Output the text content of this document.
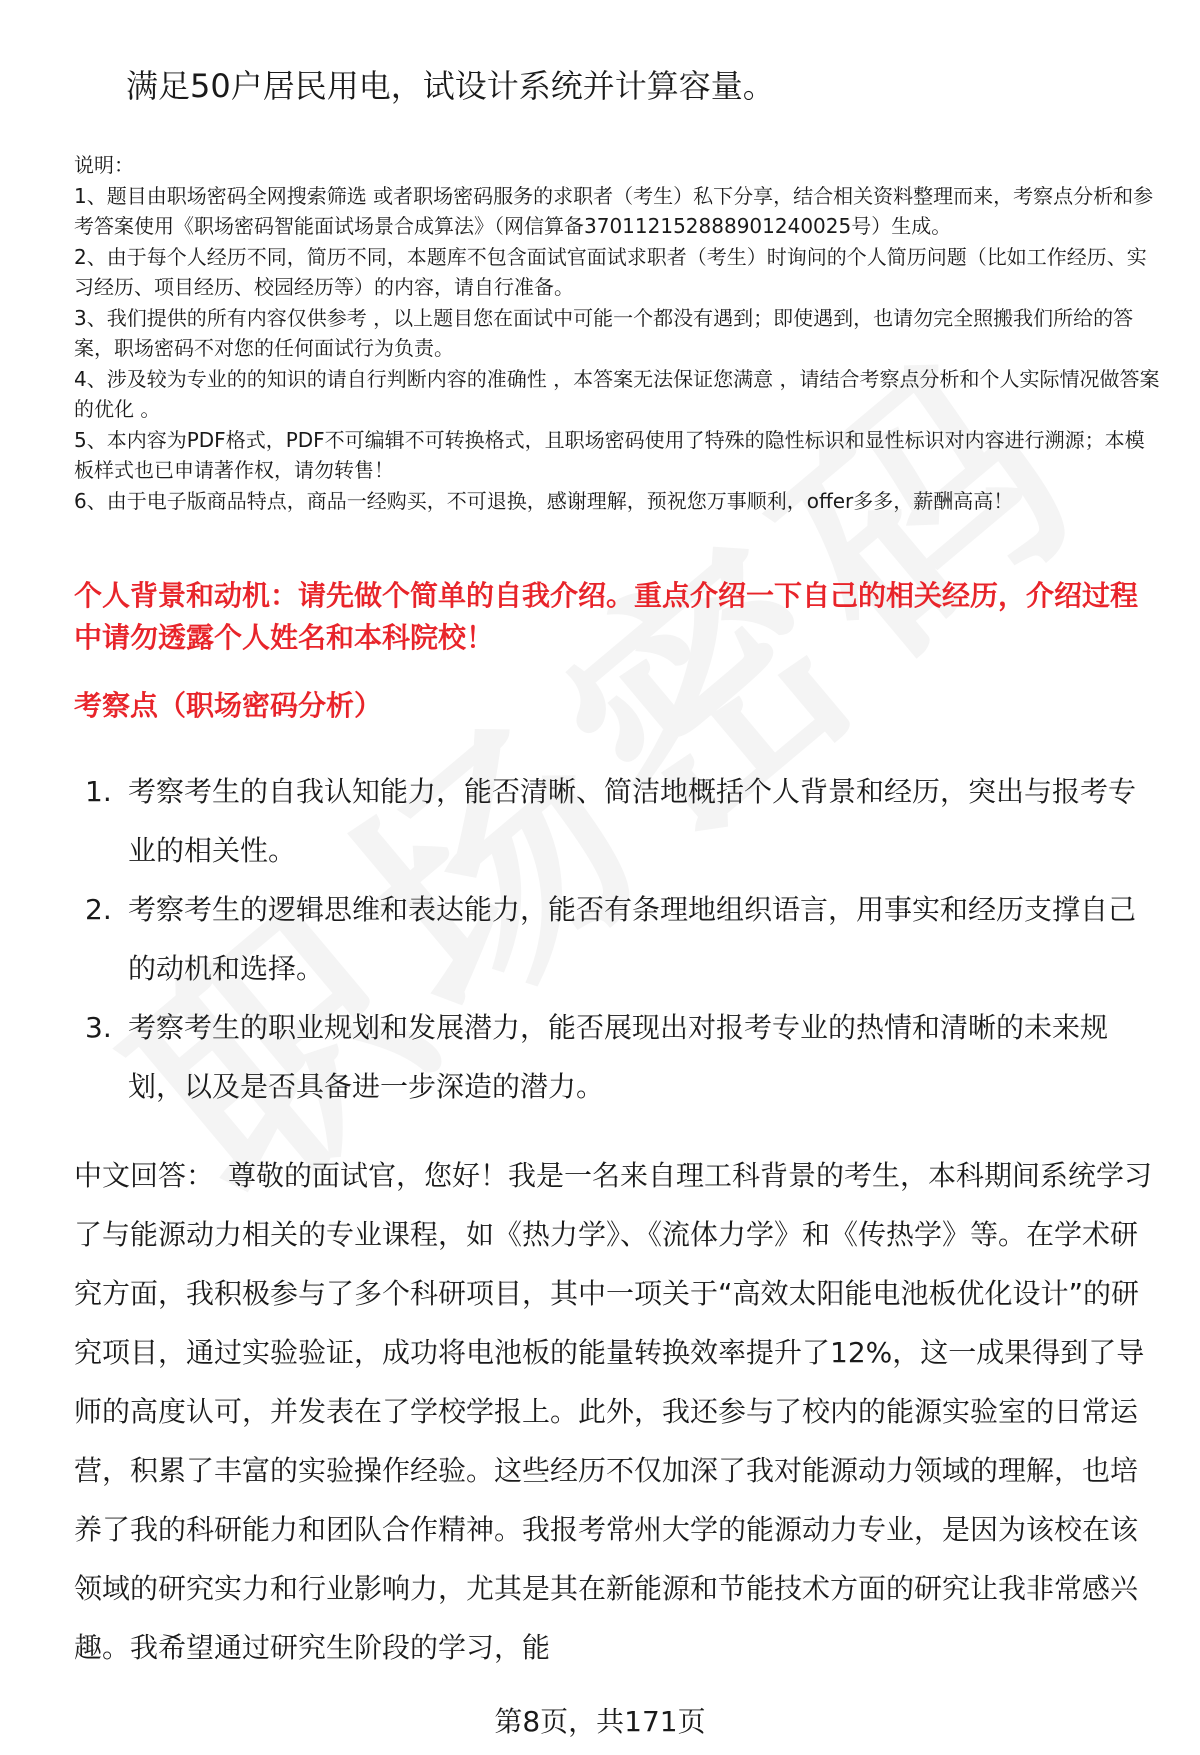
满足50户居民用电，试设计系统并计算容量。

说明：

1、题目由职场密码全网搜索筛选 或者职场密码服务的求职者（考生）私下分享，结合相关资料整理而来，考察点分析和参考答案使用《职场密码智能面试场景合成算法》（网信算备370112152888901240025号）生成。

2、由于每个人经历不同，简历不同，本题库不包含面试官面试求职者（考生）时询问的个人简历问题（比如工作经历、实习经历、项目经历、校园经历等）的内容，请自行准备。

3、我们提供的所有内容仅供参考 ，以上题目您在面试中可能一个都没有遇到；即使遇到，也请勿完全照搬我们所给的答案，职场密码不对您的任何面试行为负责。

4、涉及较为专业的的知识的请自行判断内容的准确性 ，本答案无法保证您满意 ，请结合考察点分析和个人实际情况做答案的优化 。

5、本内容为PDF格式，PDF不可编辑不可转换格式，且职场密码使用了特殊的隐性标识和显性标识对内容进行溯源；本模板样式也已申请著作权，请勿转售！

6、由于电子版商品特点，商品一经购买，不可退换，感谢理解，预祝您万事顺利，offer多多，薪酬高高！

个人背景和动机：请先做个简单的自我介绍。重点介绍一下自己的相关经历，介绍过程中请勿透露个人姓名和本科院校！
考察点（职场密码分析）
1. 考察考生的自我认知能力，能否清晰、简洁地概括个人背景和经历，突出与报考专业的相关性。
2. 考察考生的逻辑思维和表达能力，能否有条理地组织语言，用事实和经历支撑自己的动机和选择。
3. 考察考生的职业规划和发展潜力，能否展现出对报考专业的热情和清晰的未来规划，以及是否具备进一步深造的潜力。
中文回答： 尊敬的面试官，您好！我是一名来自理工科背景的考生，本科期间系统学习了与能源动力相关的专业课程，如《热力学》、《流体力学》和《传热学》等。在学术研究方面，我积极参与了多个科研项目，其中一项关于“高效太阳能电池板优化设计”的研究项目，通过实验验证，成功将电池板的能量转换效率提升了12%，这一成果得到了导师的高度认可，并发表在了学校学报上。此外，我还参与了校内的能源实验室的日常运营，积累了丰富的实验操作经验。这些经历不仅加深了我对能源动力领域的理解，也培养了我的科研能力和团队合作精神。我报考常州大学的能源动力专业，是因为该校在该领域的研究实力和行业影响力，尤其是其在新能源和节能技术方面的研究让我非常感兴趣。我希望通过研究生阶段的学习，能
第8页，共171页
